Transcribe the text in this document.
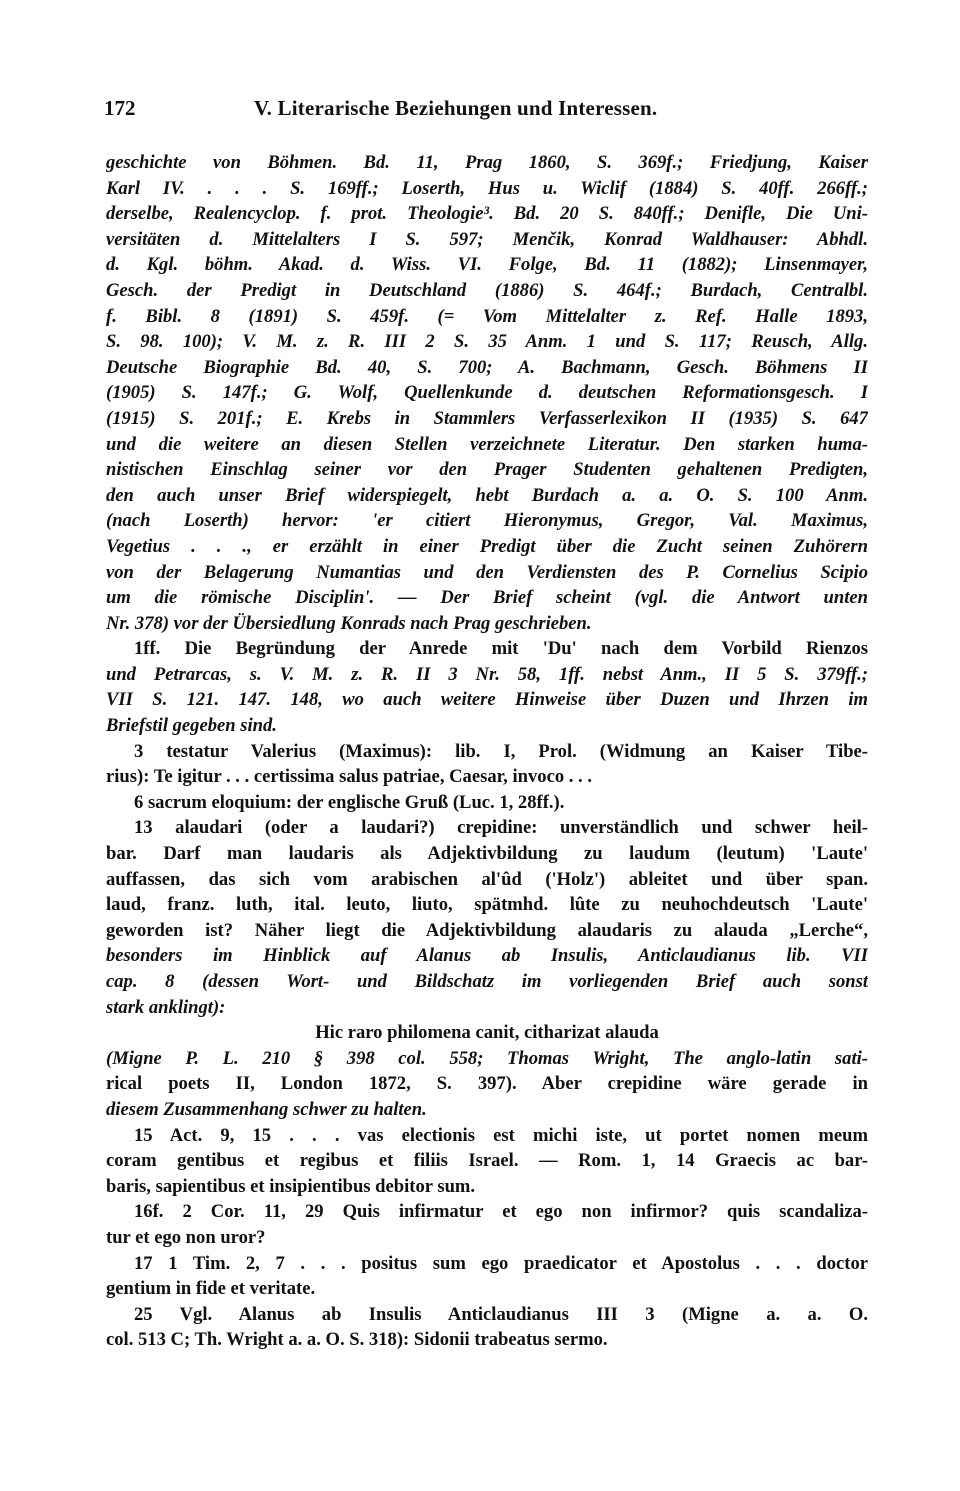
172	V. Literarische Beziehungen und Interessen.
geschichte von Böhmen. Bd. 11, Prag 1860, S. 369f.; Friedjung, Kaiser
Karl IV. . . . S. 169ff.; Loserth, Hus u. Wiclif (1884) S. 40ff. 266ff.;
derselbe, Realencyclop. f. prot. Theologie³. Bd. 20 S. 840ff.; Denifle, Die Uni-
versitäten d. Mittelalters I S. 597; Menčik, Konrad Waldhauser: Abhdl.
d. Kgl. böhm. Akad. d. Wiss. VI. Folge, Bd. 11 (1882); Linsenmayer,
Gesch. der Predigt in Deutschland (1886) S. 464f.; Burdach, Centralbl.
f. Bibl. 8 (1891) S. 459f. (= Vom Mittelalter z. Ref. Halle 1893,
S. 98. 100); V. M. z. R. III 2 S. 35 Anm. 1 und S. 117; Reusch, Allg.
Deutsche Biographie Bd. 40, S. 700; A. Bachmann, Gesch. Böhmens II
(1905) S. 147f.; G. Wolf, Quellenkunde d. deutschen Reformationsgesch. I
(1915) S. 201f.; E. Krebs in Stammlers Verfasserlexikon II (1935) S. 647
und die weitere an diesen Stellen verzeichnete Literatur. Den starken huma-
nistischen Einschlag seiner vor den Prager Studenten gehaltenen Predigten,
den auch unser Brief widerspiegelt, hebt Burdach a. a. O. S. 100 Anm.
(nach Loserth) hervor: 'er citiert Hieronymus, Gregor, Val. Maximus,
Vegetius . . ., er erzählt in einer Predigt über die Zucht seinen Zuhörern
von der Belagerung Numantias und den Verdiensten des P. Cornelius Scipio
um die römische Disciplin'. — Der Brief scheint (vgl. die Antwort unten
Nr. 378) vor der Übersiedlung Konrads nach Prag geschrieben.
1ff. Die Begründung der Anrede mit 'Du' nach dem Vorbild Rienzos
und Petrarcas, s. V. M. z. R. II 3 Nr. 58, 1ff. nebst Anm., II 5 S. 379ff.;
VII S. 121. 147. 148, wo auch weitere Hinweise über Duzen und Ihrzen im
Briefstil gegeben sind.
3 testatur Valerius (Maximus): lib. I, Prol. (Widmung an Kaiser Tibe-
rius): Te igitur . . . certissima salus patriae, Caesar, invoco . . .
6 sacrum eloquium: der englische Gruß (Luc. 1, 28ff.).
13 alaudari (oder a laudari?) crepidine: unverständlich und schwer heil-
bar. Darf man laudaris als Adjektivbildung zu laudum (leutum) 'Laute'
auffassen, das sich vom arabischen al'ûd ('Holz') ableitet und über span.
laud, franz. luth, ital. leuto, liuto, spätmhd. lûte zu neuhochdeutsch 'Laute'
geworden ist? Näher liegt die Adjektivbildung alaudaris zu alauda „Lerche“,
besonders im Hinblick auf Alanus ab Insulis, Anticlaudianus lib. VII
cap. 8 (dessen Wort- und Bildschatz im vorliegenden Brief auch sonst
stark anklingt):
Hic raro philomena canit, citharizat alauda
(Migne P. L. 210 § 398 col. 558; Thomas Wright, The anglo-latin sati-
rical poets II, London 1872, S. 397). Aber crepidine wäre gerade in
diesem Zusammenhang schwer zu halten.
15 Act. 9, 15 . . . vas electionis est michi iste, ut portet nomen meum
coram gentibus et regibus et filiis Israel. — Rom. 1, 14 Graecis ac bar-
baris, sapientibus et insipientibus debitor sum.
16f. 2 Cor. 11, 29 Quis infirmatur et ego non infirmor? quis scandaliza-
tur et ego non uror?
17 1 Tim. 2, 7 . . . positus sum ego praedicator et Apostolus . . . doctor
gentium in fide et veritate.
25 Vgl. Alanus ab Insulis Anticlaudianus III 3 (Migne a. a. O.
col. 513 C; Th. Wright a. a. O. S. 318): Sidonii trabeatus sermo.
